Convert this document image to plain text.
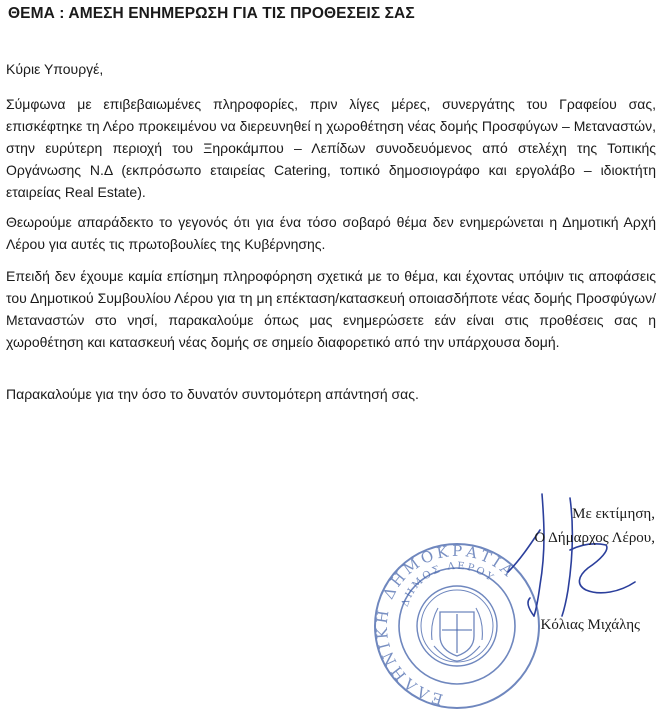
ΘΕΜΑ : ΑΜΕΣΗ ΕΝΗΜΕΡΩΣΗ ΓΙΑ ΤΙΣ ΠΡΟΘΕΣΕΙΣ ΣΑΣ
Κύριε Υπουργέ,

Σύμφωνα με επιβεβαιωμένες πληροφορίες, πριν λίγες μέρες, συνεργάτης του Γραφείου σας, επισκέφτηκε τη Λέρο προκειμένου να διερευνηθεί η χωροθέτηση νέας δομής Προσφύγων – Μεταναστών, στην ευρύτερη περιοχή του Ξηροκάμπου – Λεπίδων συνοδευόμενος από στελέχη της Τοπικής Οργάνωσης Ν.Δ (εκπρόσωπο εταιρείας Catering, τοπικό δημοσιογράφο και εργολάβο – ιδιοκτήτη εταιρείας Real Estate).

Θεωρούμε απαράδεκτο το γεγονός ότι για ένα τόσο σοβαρό θέμα δεν ενημερώνεται η Δημοτική Αρχή Λέρου για αυτές τις πρωτοβουλίες της Κυβέρνησης.

Επειδή δεν έχουμε καμία επίσημη πληροφόρηση σχετικά με το θέμα, και έχοντας υπόψιν τις αποφάσεις του Δημοτικού Συμβουλίου Λέρου για τη μη επέκταση/κατασκευή οποιασδήποτε νέας δομής Προσφύγων/Μεταναστών στο νησί, παρακαλούμε όπως μας ενημερώσετε εάν είναι στις προθέσεις σας η χωροθέτηση και κατασκευή νέας δομής σε σημείο διαφορετικό από την υπάρχουσα δομή.

Παρακαλούμε για την όσο το δυνατόν συντομότερη απάντησή σας.

ΕΛΛΗΝΙΚΗ ΔΗΜΟΚΡΑΤΙΑ
ΔΗΜΟΣ ΛΕΡΟΥ
Με εκτίμηση,
Ο Δήμαρχος Λέρου,
Κόλιας Μιχάλης
